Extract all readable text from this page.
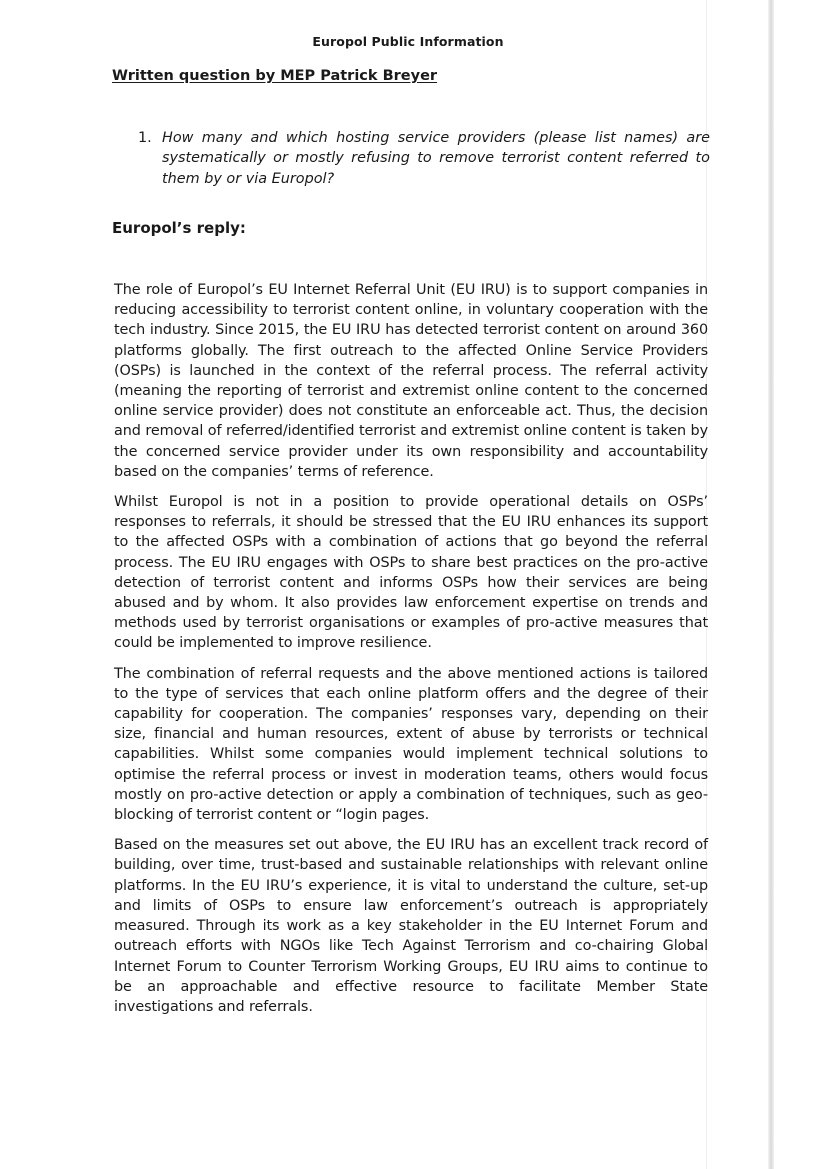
Europol Public Information
Written question by MEP Patrick Breyer
1. How many and which hosting service providers (please list names) are systematically or mostly refusing to remove terrorist content referred to them by or via Europol?
Europol’s reply:

The role of Europol’s EU Internet Referral Unit (EU IRU) is to support companies in reducing accessibility to terrorist content online, in voluntary cooperation with the tech industry. Since 2015, the EU IRU has detected terrorist content on around 360 platforms globally. The first outreach to the affected Online Service Providers (OSPs) is launched in the context of the referral process. The referral activity (meaning the reporting of terrorist and extremist online content to the concerned online service provider) does not constitute an enforceable act. Thus, the decision and removal of referred/identified terrorist and extremist online content is taken by the concerned service provider under its own responsibility and accountability based on the companies’ terms of reference.

Whilst Europol is not in a position to provide operational details on OSPs’ responses to referrals, it should be stressed that the EU IRU enhances its support to the affected OSPs with a combination of actions that go beyond the referral process. The EU IRU engages with OSPs to share best practices on the pro-active detection of terrorist content and informs OSPs how their services are being abused and by whom. It also provides law enforcement expertise on trends and methods used by terrorist organisations or examples of pro-active measures that could be implemented to improve resilience.

The combination of referral requests and the above mentioned actions is tailored to the type of services that each online platform offers and the degree of their capability for cooperation. The companies’ responses vary, depending on their size, financial and human resources, extent of abuse by terrorists or technical capabilities. Whilst some companies would implement technical solutions to optimise the referral process or invest in moderation teams, others would focus mostly on pro-active detection or apply a combination of techniques, such as geo-blocking of terrorist content or “login pages.

Based on the measures set out above, the EU IRU has an excellent track record of building, over time, trust-based and sustainable relationships with relevant online platforms. In the EU IRU’s experience, it is vital to understand the culture, set-up and limits of OSPs to ensure law enforcement’s outreach is appropriately measured. Through its work as a key stakeholder in the EU Internet Forum and outreach efforts with NGOs like Tech Against Terrorism and co-chairing Global Internet Forum to Counter Terrorism Working Groups, EU IRU aims to continue to be an approachable and effective resource to facilitate Member State investigations and referrals.
